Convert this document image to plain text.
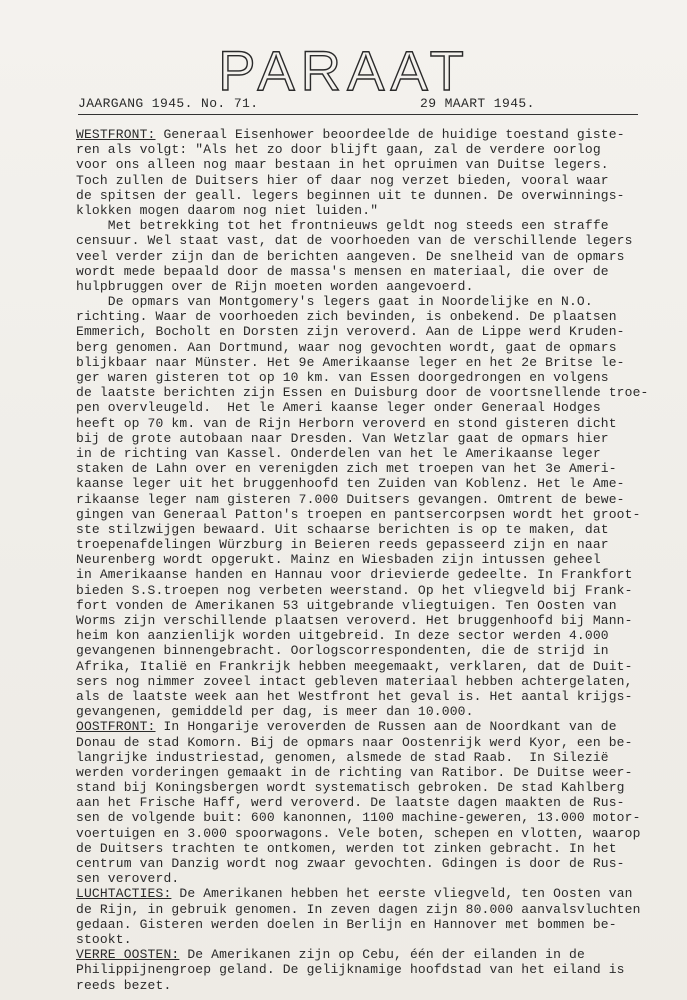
PARAAT
JAARGANG 1945. No. 71.	29 MAART 1945.
WESTFRONT: Generaal Eisenhower beoordeelde de huidige toestand giste-
ren als volgt: "Als het zo door blijft gaan, zal de verdere oorlog
voor ons alleen nog maar bestaan in het opruimen van Duitse legers.
Toch zullen de Duitsers hier of daar nog verzet bieden, vooral waar
de spitsen der geall. legers beginnen uit te dunnen. De overwinnings-
klokken mogen daarom nog niet luiden."
Met betrekking tot het frontnieuws geldt nog steeds een straffe
censuur. Wel staat vast, dat de voorhoeden van de verschillende legers
veel verder zijn dan de berichten aangeven. De snelheid van de opmars
wordt mede bepaald door de massa's mensen en materiaal, die over de
hulpbruggen over de Rijn moeten worden aangevoerd.
De opmars van Montgomery's legers gaat in Noordelijke en N.O.
richting. Waar de voorhoeden zich bevinden, is onbekend. De plaatsen
Emmerich, Bocholt en Dorsten zijn veroverd. Aan de Lippe werd Kruden-
berg genomen. Aan Dortmund, waar nog gevochten wordt, gaat de opmars
blijkbaar naar Münster. Het 9e Amerikaanse leger en het 2e Britse le-
ger waren gisteren tot op 10 km. van Essen doorgedrongen en volgens
de laatste berichten zijn Essen en Duisburg door de voortsnellende troe-
pen overvleugeld.  Het le Ameri kaanse leger onder Generaal Hodges
heeft op 70 km. van de Rijn Herborn veroverd en stond gisteren dicht
bij de grote autobaan naar Dresden. Van Wetzlar gaat de opmars hier
in de richting van Kassel. Onderdelen van het le Amerikaanse leger
staken de Lahn over en verenigden zich met troepen van het 3e Ameri-
kaanse leger uit het bruggenhoofd ten Zuiden van Koblenz. Het le Ame-
rikaanse leger nam gisteren 7.000 Duitsers gevangen. Omtrent de bewe-
gingen van Generaal Patton's troepen en pantsercorpsen wordt het groot-
ste stilzwijgen bewaard. Uit schaarse berichten is op te maken, dat
troepenafdelingen Würzburg in Beieren reeds gepasseerd zijn en naar
Neurenberg wordt opgerukt. Mainz en Wiesbaden zijn intussen geheel
in Amerikaanse handen en Hannau voor drievierde gedeelte. In Frankfort
bieden S.S.troepen nog verbeten weerstand. Op het vliegveld bij Frank-
fort vonden de Amerikanen 53 uitgebrande vliegtuigen. Ten Oosten van
Worms zijn verschillende plaatsen veroverd. Het bruggenhoofd bij Mann-
heim kon aanzienlijk worden uitgebreid. In deze sector werden 4.000
gevangenen binnengebracht. Oorlogscorrespondenten, die de strijd in
Afrika, Italië en Frankrijk hebben meegemaakt, verklaren, dat de Duit-
sers nog nimmer zoveel intact gebleven materiaal hebben achtergelaten,
als de laatste week aan het Westfront het geval is. Het aantal krijgs-
gevangenen, gemiddeld per dag, is meer dan 10.000.
OOSTFRONT: In Hongarije veroverden de Russen aan de Noordkant van de
Donau de stad Komorn. Bij de opmars naar Oostenrijk werd Kyor, een be-
langrijke industriestad, genomen, alsmede de stad Raab.  In Silezië
werden vorderingen gemaakt in de richting van Ratibor. De Duitse weer-
stand bij Koningsbergen wordt systematisch gebroken. De stad Kahlberg
aan het Frische Haff, werd veroverd. De laatste dagen maakten de Rus-
sen de volgende buit: 600 kanonnen, 1100 machine-geweren, 13.000 motor-
voertuigen en 3.000 spoorwagons. Vele boten, schepen en vlotten, waarop
de Duitsers trachten te ontkomen, werden tot zinken gebracht. In het
centrum van Danzig wordt nog zwaar gevochten. Gdingen is door de Rus-
sen veroverd.
LUCHTACTIES: De Amerikanen hebben het eerste vliegveld, ten Oosten van
de Rijn, in gebruik genomen. In zeven dagen zijn 80.000 aanvalsvluchten
gedaan. Gisteren werden doelen in Berlijn en Hannover met bommen be-
stookt.
VERRE OOSTEN: De Amerikanen zijn op Cebu, één der eilanden in de
Philippijnengroep geland. De gelijknamige hoofdstad van het eiland is
reeds bezet.
